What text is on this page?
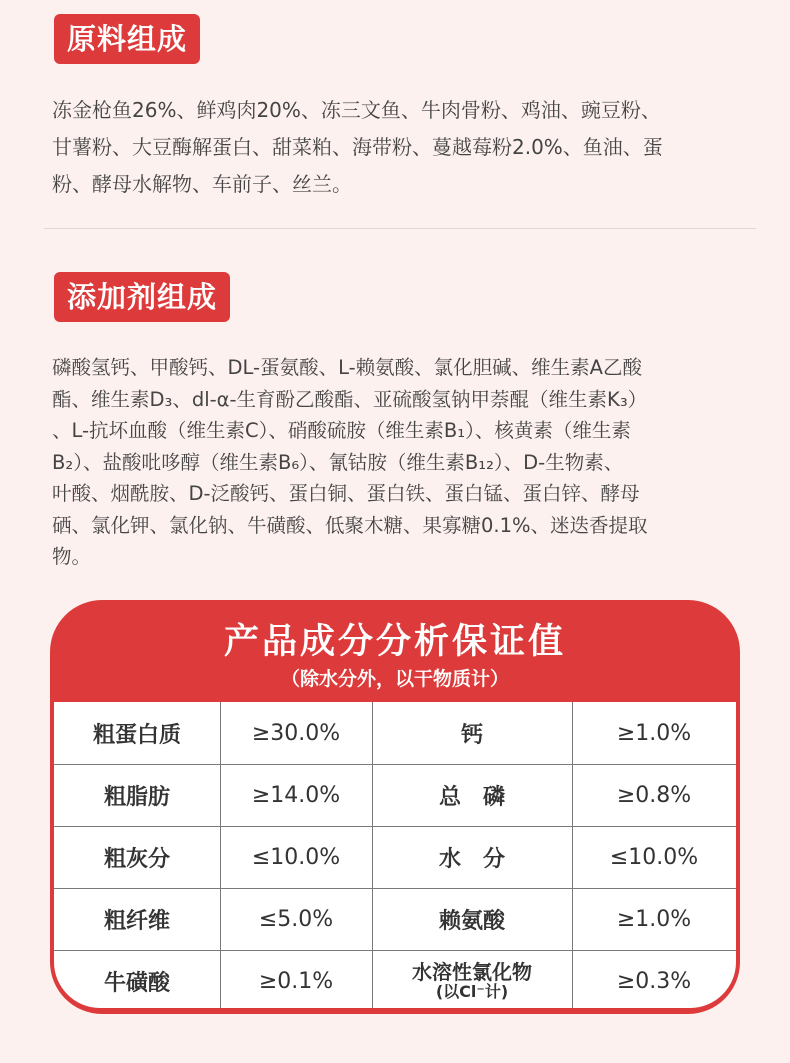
原料组成
冻金枪鱼26%、鲜鸡肉20%、冻三文鱼、牛肉骨粉、鸡油、豌豆粉、
甘薯粉、大豆酶解蛋白、甜菜粕、海带粉、蔓越莓粉2.0%、鱼油、蛋
粉、酵母水解物、车前子、丝兰。
添加剂组成
磷酸氢钙、甲酸钙、DL-蛋氨酸、L-赖氨酸、氯化胆碱、维生素A乙酸
酯、维生素D₃、dl-α-生育酚乙酸酯、亚硫酸氢钠甲萘醌（维生素K₃）
、L-抗坏血酸（维生素C）、硝酸硫胺（维生素B₁）、核黄素（维生素
B₂）、盐酸吡哆醇（维生素B₆）、氰钴胺（维生素B₁₂）、D-生物素、
叶酸、烟酰胺、D-泛酸钙、蛋白铜、蛋白铁、蛋白锰、蛋白锌、酵母
硒、氯化钾、氯化钠、牛磺酸、低聚木糖、果寡糖0.1%、迷迭香提取
物。
产品成分分析保证值
（除水分外，以干物质计）
粗蛋白质	≥30.0%	钙	≥1.0%
粗脂肪	≥14.0%	总　磷	≥0.8%
粗灰分	≤10.0%	水　分	≤10.0%
粗纤维	≤5.0%	赖氨酸	≥1.0%
牛磺酸	≥0.1%	水溶性氯化物
(以Cl⁻计)	≥0.3%
